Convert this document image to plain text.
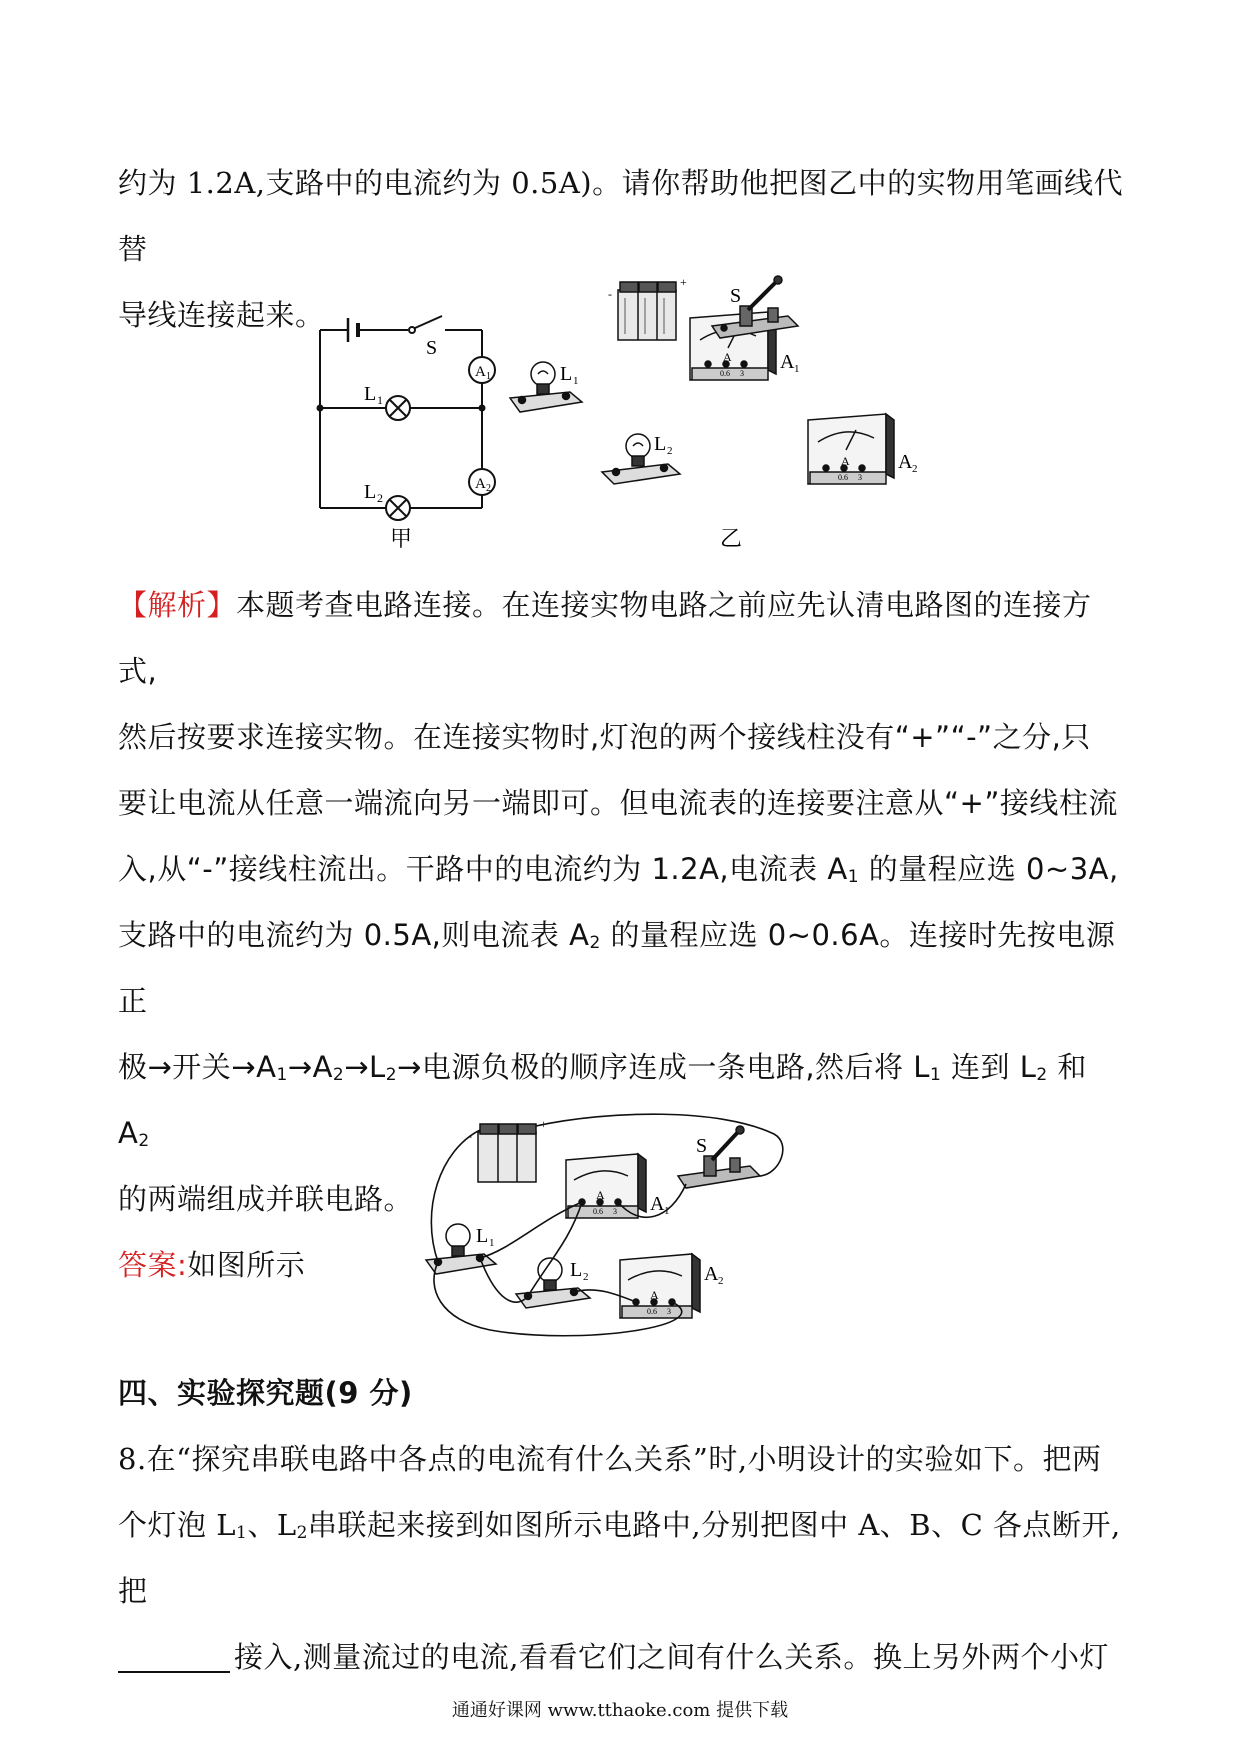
约为 1.2A,支路中的电流约为 0.5A)。请你帮助他把图乙中的实物用笔画线代替
导线连接起来。
S
A 1
A 2
L 1
L 2
-
+
A
0.6 3
A 1
S
L 1
L 2
A
0.6 3
A 2
甲	乙
【解析】本题考查电路连接。在连接实物电路之前应先认清电路图的连接方式,
然后按要求连接实物。在连接实物时,灯泡的两个接线柱没有“+”“-”之分,只
要让电流从任意一端流向另一端即可。但电流表的连接要注意从“+”接线柱流
入,从“-”接线柱流出。干路中的电流约为 1.2A,电流表 $A_1$ 的量程应选 0~3A,
支路中的电流约为 0.5A,则电流表 $A_2$ 的量程应选 0~0.6A。连接时先按电源正
极→开关$\to A_1\to A_2\to L_2\to$电源负极的顺序连成一条电路,然后将 $L_1$ 连到 $L_2$ 和 $A_2$
的两端组成并联电路。
答案:如图所示
-
+
A
0.6 3 A 1
S
L 1
L 2
A
0.6 3
A 2
四、实验探究题(9 分)
8.在“探究串联电路中各点的电流有什么关系”时,小明设计的实验如下。把两
个灯泡 $L_1$、$L_2$串联起来接到如图所示电路中,分别把图中 A、B、C 各点断开,把
接入,测量流过的电流,看看它们之间有什么关系。换上另外两个小灯
通通好课网 www.tthaoke.com 提供下载
